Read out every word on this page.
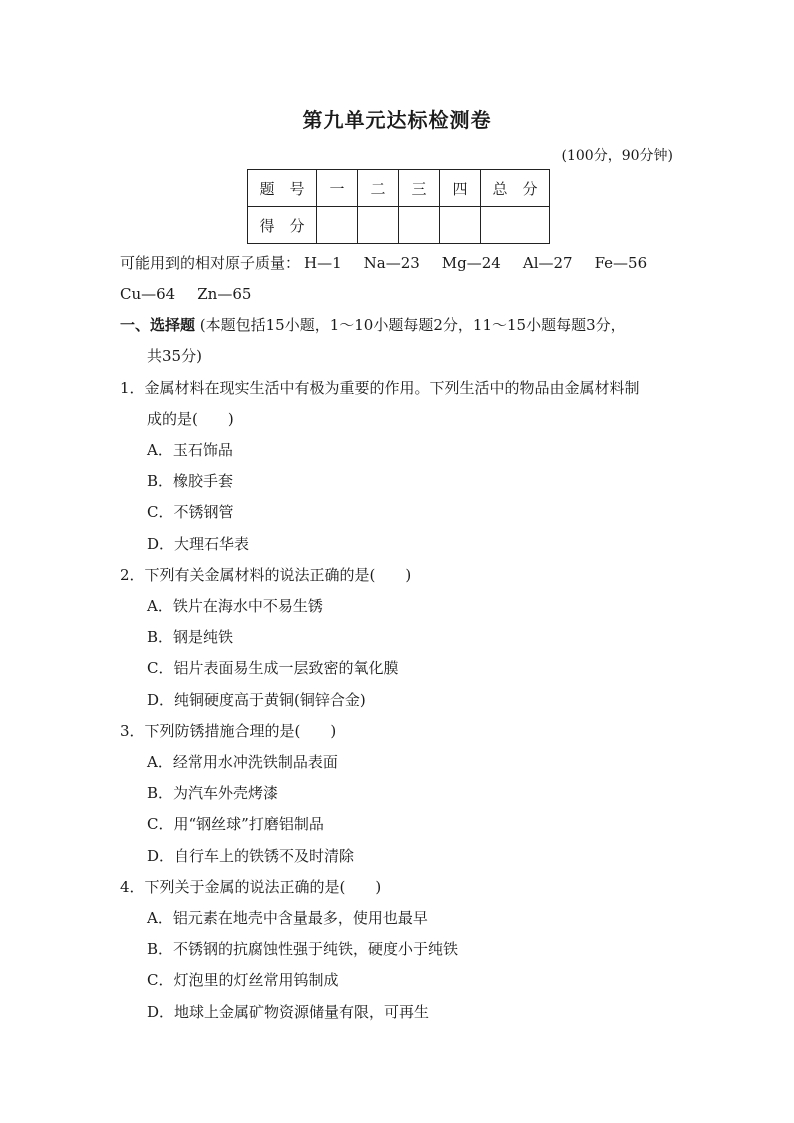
第九单元达标检测卷
(100分，90分钟)
题　号	一	二	三	四	总　分
得　分					
可能用到的相对原子质量： H—1 Na—23 Mg—24 Al—27 Fe—56
Cu—64 Zn—65
一、选择题 (本题包括15小题，1～10小题每题2分，11～15小题每题3分，
共35分)
1．金属材料在现实生活中有极为重要的作用。下列生活中的物品由金属材料制
成的是(　　)
A．玉石饰品
B．橡胶手套
C．不锈钢管
D．大理石华表
2．下列有关金属材料的说法正确的是(　　)
A．铁片在海水中不易生锈
B．钢是纯铁
C．铝片表面易生成一层致密的氧化膜
D．纯铜硬度高于黄铜(铜锌合金)
3．下列防锈措施合理的是(　　)
A．经常用水冲洗铁制品表面
B．为汽车外壳烤漆
C．用“钢丝球”打磨铝制品
D．自行车上的铁锈不及时清除
4．下列关于金属的说法正确的是(　　)
A．铝元素在地壳中含量最多，使用也最早
B．不锈钢的抗腐蚀性强于纯铁，硬度小于纯铁
C．灯泡里的灯丝常用钨制成
D．地球上金属矿物资源储量有限，可再生
